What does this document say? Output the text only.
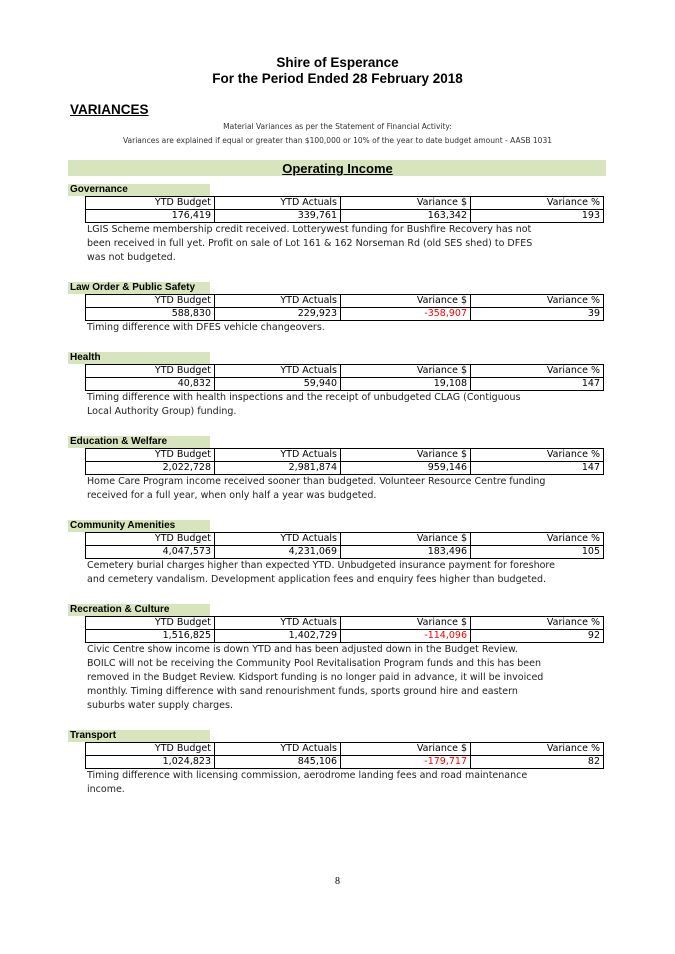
Shire of Esperance
For the Period Ended 28 February 2018
VARIANCES
Material Variances as per the Statement of Financial Activity:
Variances are explained if equal or greater than $100,000 or 10% of the year to date budget amount - AASB 1031
Operating Income
Governance
YTD Budget	YTD Actuals	Variance $	Variance %
176,419	339,761	163,342	193
LGIS Scheme membership credit received. Lotterywest funding for Bushfire Recovery has not
been received in full yet. Profit on sale of Lot 161 & 162 Norseman Rd (old SES shed) to DFES
was not budgeted.
Law Order & Public Safety
YTD Budget	YTD Actuals	Variance $	Variance %
588,830	229,923	-358,907	39
Timing difference with DFES vehicle changeovers.
Health
YTD Budget	YTD Actuals	Variance $	Variance %
40,832	59,940	19,108	147
Timing difference with health inspections and the receipt of unbudgeted CLAG (Contiguous
Local Authority Group) funding.
Education & Welfare
YTD Budget	YTD Actuals	Variance $	Variance %
2,022,728	2,981,874	959,146	147
Home Care Program income received sooner than budgeted. Volunteer Resource Centre funding
received for a full year, when only half a year was budgeted.
Community Amenities
YTD Budget	YTD Actuals	Variance $	Variance %
4,047,573	4,231,069	183,496	105
Cemetery burial charges higher than expected YTD. Unbudgeted insurance payment for foreshore
and cemetery vandalism. Development application fees and enquiry fees higher than budgeted.
Recreation & Culture
YTD Budget	YTD Actuals	Variance $	Variance %
1,516,825	1,402,729	-114,096	92
Civic Centre show income is down YTD and has been adjusted down in the Budget Review.
BOILC will not be receiving the Community Pool Revitalisation Program funds and this has been
removed in the Budget Review. Kidsport funding is no longer paid in advance, it will be invoiced
monthly. Timing difference with sand renourishment funds, sports ground hire and eastern
suburbs water supply charges.
Transport
YTD Budget	YTD Actuals	Variance $	Variance %
1,024,823	845,106	-179,717	82
Timing difference with licensing commission, aerodrome landing fees and road maintenance
income.
8
